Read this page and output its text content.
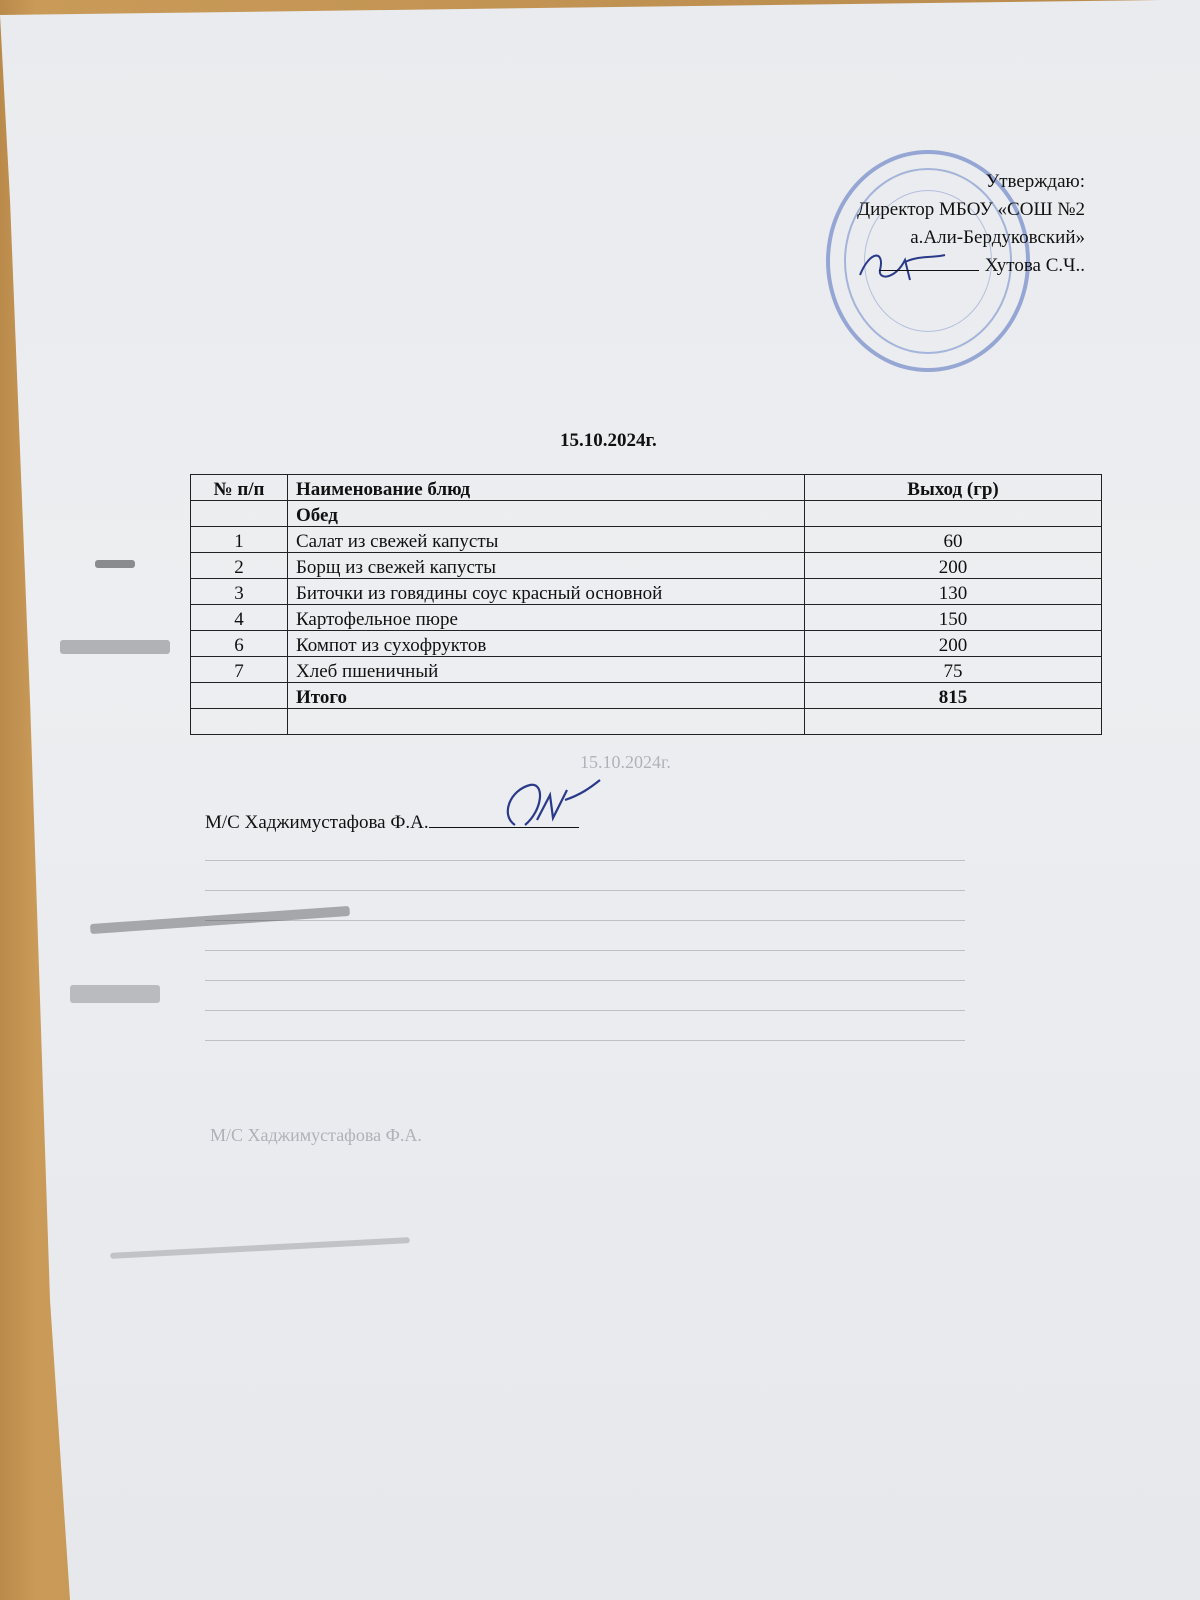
15.10.2024г.
М/С Хаджимустафова Ф.А.
Утверждаю:
Директор МБОУ «СОШ №2
а.Али-Бердуковский»
Хутова С.Ч..
15.10.2024г.
№ п/п	Наименование блюд	Выход (гр)
	Обед	
1	Салат из свежей капусты	60
2	Борщ из свежей капусты	200
3	Биточки из говядины соус красный основной	130
4	Картофельное пюре	150
6	Компот из сухофруктов	200
7	Хлеб пшеничный	75
	Итого	815

М/С Хаджимустафова Ф.А.
